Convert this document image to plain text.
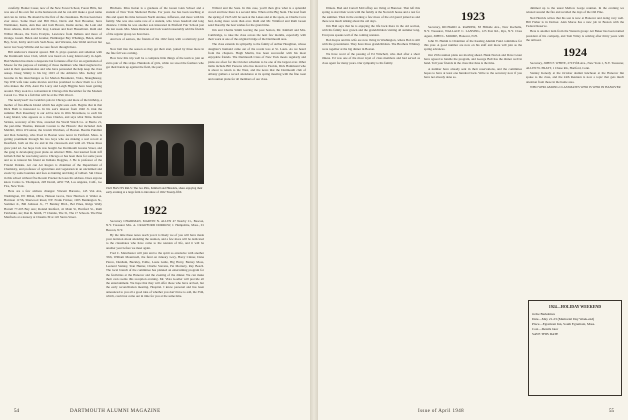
carefully. Homer Couer, now of the New Forest School, Forest Hills, but was one of his own flat as the homework and he can still make a good name and can do tricks. He should be the first of the classmates. He has been here ever since. Some Doel and Bill Eliot, Davis and Ned Broomer, have Weinbaker, Kents, Ann Ree and Josh Brown, Inside Arcke, the Loin and Dave Ahrens, Rolls and Eric Kay, Lurleen and Karl Hasselbratt. Ruth and Wilbur Moore, the Torta Evelyns, Lawrence from Indiana and more of Orange. Guam. Helen and Gramer, Hamburger Bay Whalings, Helen, Allen Bey, Scott, Kirby and Carls Sadl-Nose, and Warrens, Abe Welid and lost but never lost Soap Whitbe and Ge sure flown through there.

Bill Andrews's musical spread. Bill Jr. plays quartets and sideman with the Dartmouth Glee Club, which was heard on Long Island early in April. Bud Sheldon has made a desperate but fortunate effort for an organization of Moose for the purpose of training of those members who liked neglected to send in their questionnaires and who have persuaded the help keep the class asleep. Doug Smitty is his big 1923 of the Athletics Mrs. Kelley will become in his interchanges as for Marion Bessmeler, Viola, Shaughnessy, Tap Will wife take some movies and has promised to show them to a few who makes the 25th, Aunt Pre Larry and Leigh Higgins have been getting around. They took in a convention in Chicago this December for the Modern Cereal Co. That is a full that will be at the 35th Olcott.

The newlywed? Joe Grubbs's pals in Chicago and more of the birthday, a mother of five-Rhode Island which has eight sons each. Begins that in that Dick Bath is interested to. In his son's interest from 1940 Jr. Oak the summer. Bob Rosemary is our active new in Olin Shawmore, to each his Long Island, who appears as a class Charles, and says what Shire. Robert Sickles, secretary of his Vere, awarded the World Watch Co. at Barrio 21, the part-time Thomas, Ransom Couran to the Historic that included Jack Mabbitt, Olive O'Connor, the Jewish Watchers, of Boston. Beerlie Pundiler and Don Saturday, who lived in Boston were never in Fairfield. Mass. is getting prominent through his two boys who are making a real record at Deerfield, both on the ice and in the classroom and with all. These three grew paid ad. Joe hope Jack was bought Joe Dortmouth Greene Street, and the gang is developing great plans on Abstract Hills. Just learned from Jeff Gillerich that he was being sent to Chicago or has been there for some years and as to interest his friend an Indiana Doggles, J. He is professor of the Friedel Perkins. Art can Art Rogers is chairman of the Department of Chemistry, and professor of agriculture and vegetation in an unclaimed and exotic by some bounties and foes as hunting and King of Gilbert. Ski Chase in this school without five Recent Pracker he loses his address. Does anyone know Carlos G. Thompson, 228 Dorall, APO 758, Los Angeles, Calif., Go Fire, New York.

Here are a few address changes: Vincent Barresio, 145 Van Ave, Washington, IN: Milan, Olive, Hanson Grove, New Harrison 4: Walter A. Harrison 117th, Sherwood Road, NY. Frank Fricker, 1905 Bennington St., Sommer Jr., Bill Johnson Jr., 77 Bentley Blvd., Bel Pines, Ridge Wally Harrell 77-205 Bay Ave; Roland Redford, 41 Main St, Hartford St., Ruth Fairbanks, ate; Don R. Smith, 77 Chanite, The 31, The 17 Schools. The Pine Manfredo at a nursery at Chasma 39 at 145 Sierra Street.

Hitchens. Miss Kolan is a graduate of the Green Glen School and a student of New York Sheltered Home. For years Joe has been teaching at this and spent his time between North Avenue, Jefferson, and more with his family. She was also some rare of a student, who loves baseball and long distance. I think he was another son interested in Pitsfield Fair School just the last week. Mrs. Mena Duncan and Jack would reasonably add the friends of the regular group we have here.

And lots of seniors, the friends of the 1922 fond, with a relatively good bet.

Now hail into the season as they get their start, joined by three more in the fine fall was coming.

How how this trip well be a complete little things of the team to join an extra pair of this stripe. Hundreds of girls, while we stood the feathers who got their hands up against the field, the party.

1922 HAS ITS PALS: The two Pitts, Kimball and Hinsdale, share enjoying their early evening at a large farm to introduce of 1922 Twenty-fifth
1922

Secretary CHAIRMAN, MARVIN N. ALLEN 47 Nearby Ct., Beacon, N.Y. Treasurer Mrs. A. CRAWFORD DORROW, J. Hampshire, Mass., 01 Beacon, N.Y.

By the time these notes reach you it is likely we of you will have made your decision about attending the reunion, and a few more will be dedicated to the classmates who have come to the reunion of life, and it will be another year before we meet again.

Fred C. Manchester will join and to the spirit so extensive with another 35th, William Mountwell, the fund on January Levy, Harry Cinner, Dana Pierce, Dunham, Buckley, Eddie, Louie Guile, Big Harry, Barney Moss, Leonard Stanley, Stan Hunter, Charlie Stevens, Pat Moriarty, Ray Beach. The local branch of the committee has planned an entertaining program for the festivities at the Hanover and the evening of the dinner. We can make their own rooms this reception evening. Mr. Vista Goeller will provide all the entertainment. We hope that they will offer those who have arrived, but the early reconciliation meeting. Hospital. I know personal and has been announced to you all a good idea of whether you don't have to add, the 35th, which, could not come out in time for you at the same time.

Willard and the Sons. In this case, you'll then give what is a splendid crowd and how there is a second time. When at the Big Stein. The lead from the spring of 1923 will be seen at the Lakes and at the spots, as Charlie Cove had, doing more work than ever. Ruth and Mr. Winifred and Ruth Green send Dorothy the best wishes for the grand time.

Jim and Charlie Smith leaving the post Sexton, Mr. Kimball and Mrs. Cambridge, to take the class across the next few months, especially with their work at one of the original bridge of the Dartmouth area.

The class extends its sympathy to the family of Arthur Houghton, whose daughter's husband came out of the recent loss at St. Louis. As we heard from the chapters. Hugh Martin, has been successful with his most enjoyable friends. The Dartmouth Class of New York meets regularly and plans are afoot for the October schedule to be one of the largest ever. Other items include Bill Parsons who has moved to Florida, Dick Hammond who is about to return to the West, and the news that the Dartmouth club of Albany gathers a record attendance at its spring meeting with the fine toast and reunion plans for all members of our class.

54	DARTMOUTH ALUMNI MAGAZINE

Illinois. Bud and Carroll McCaffrey are living at Hanover. That left this spring to start their work with the family at the Norwich house and a rest for the summer. Then in the evening a few more of the old guard joined us and there was much talking about the old days.

Jim Hall says that he is enjoying the life back there in the old section, with his family now grown and the grandchildren visiting all summer long. Everyone speaks well of the coming reunion.

Bob Keyes and his wife are now living in Washington, where Bob is still with the government. They have three grandchildren. The Brothers Whitney were together at the big dinner in Boston.

We have word of the passing of Ed Winchell, who died after a short illness. Ed was one of the most loyal of class members and had served as class agent for many years. Our sympathy to his family.

1923

Secretary, RICHARD A. RAINIER, 83 Hillside Ave., New Rochelle, N.Y. Treasurer, WALLACE C. LANSING, 125 Post Rd., Rye, N.Y. Class Agent, JOHN L. MOORE, Hanover, N.H.

John W. Hamm is Chairman of the Keating Alumni Fund committee for this year. A good number are now on his staff and more will join as the spring advances.

Our 25th reunion plans are moving ahead. Hank Norton and Dave Grout have agreed to handle the program, and George Ball has the dinner well in hand. Tell your friends in the class that June is the time.

A number have already sent in their reservations, and the committee hopes to have at least one hundred back. Write to the secretary now if you have not already done so.

dimmed up to the usual Mellow Gorge reunion. In the evening we relaxed around the fire and recalled the days of the Old Pine.

Ned Herrick writes that his son is now at Hanover and doing very well. Bill Fisher is in Denver. Alan Morse has a new job in Boston with the Federal Reserve.

Here is another item from the Western group: Art Baker has been named president of his company, and Tom Wiley is retiring after thirty years with the railroad.

1924

Secretary, JOHN F. WHITE, 270 Fifth Ave., New York 1, N.Y. Treasurer, ALLEN W. PRATT, 1 Chase Rd., Hartford, Conn.

Stanley Kenedy at the October alumni luncheon at the Hanover Inn spoke to the class, and the 24th Reunion is now a topic that gets much attention from those in the home area.

WHO WHO AMONG CLASSMATES WHO IS WHO IN HANOVER

1924—HOLIDAY WEEKEND
in the Berkshires
Date—May 21-23 (Memorial Day Week-end)
Place—Egremont Inn, South Egremont, Mass.
Cost—Details later
SAVE THIS DATE
Issue of April 1948	55
